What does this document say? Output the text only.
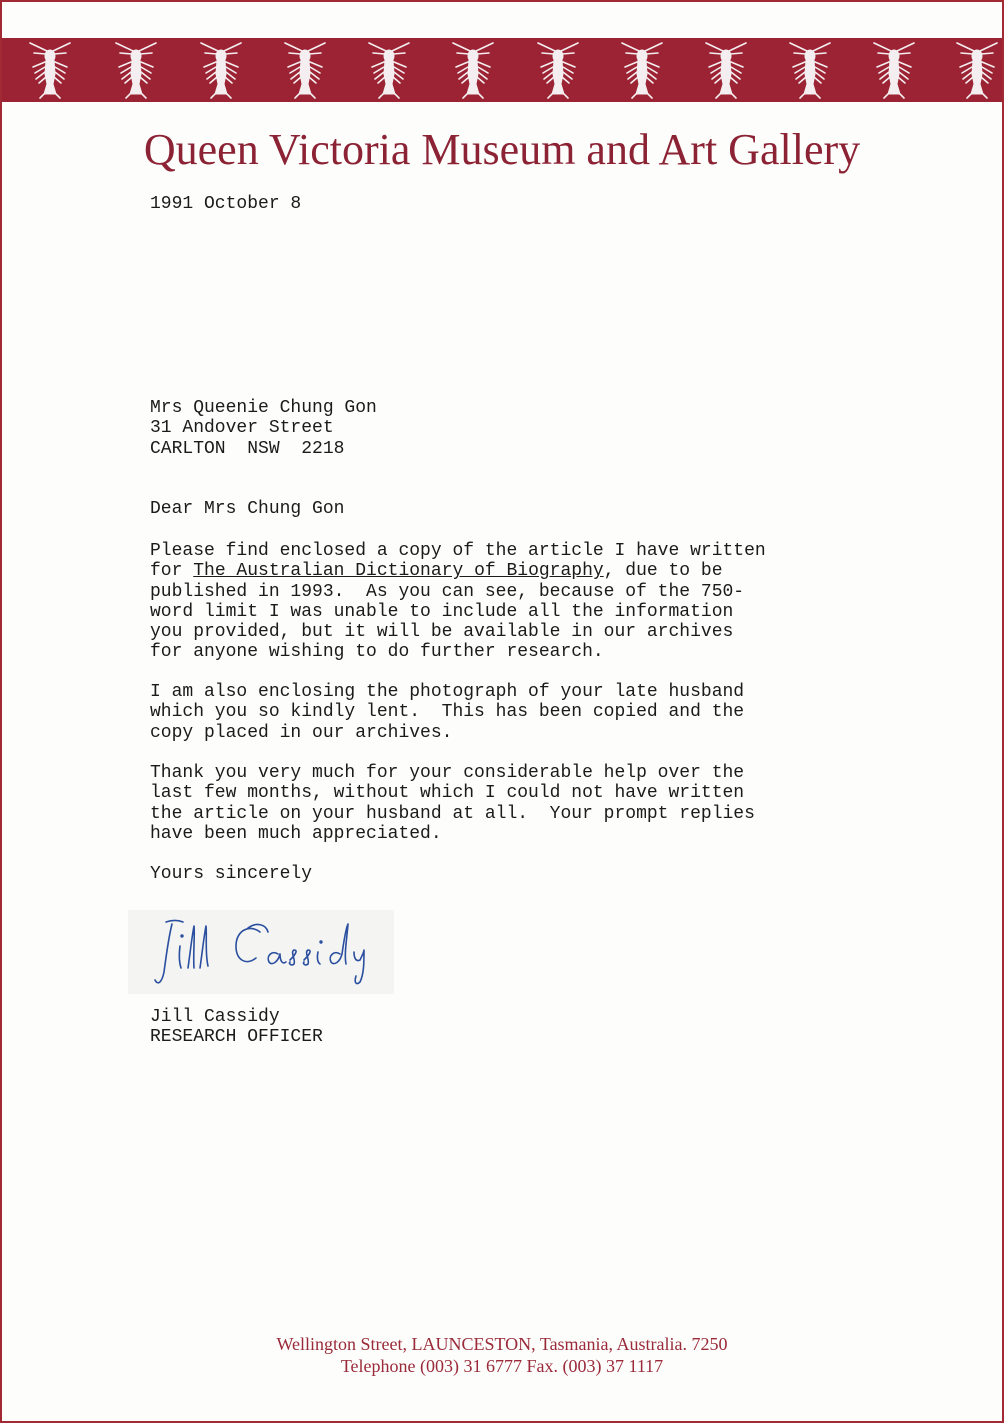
Queen Victoria Museum and Art Gallery

1991 October 8

Mrs Queenie Chung Gon
31 Andover Street
CARLTON  NSW  2218

Dear Mrs Chung Gon

Please find enclosed a copy of the article I have written
for The Australian Dictionary of Biography, due to be
published in 1993.  As you can see, because of the 750-
word limit I was unable to include all the information
you provided, but it will be available in our archives
for anyone wishing to do further research.
I am also enclosing the photograph of your late husband
which you so kindly lent.  This has been copied and the
copy placed in our archives.
Thank you very much for your considerable help over the
last few months, without which I could not have written
the article on your husband at all.  Your prompt replies
have been much appreciated.

Yours sincerely

Jill Cassidy

RESEARCH OFFICER

Wellington Street, LAUNCESTON, Tasmania, Australia. 7250
Telephone (003) 31 6777 Fax. (003) 37 1117
